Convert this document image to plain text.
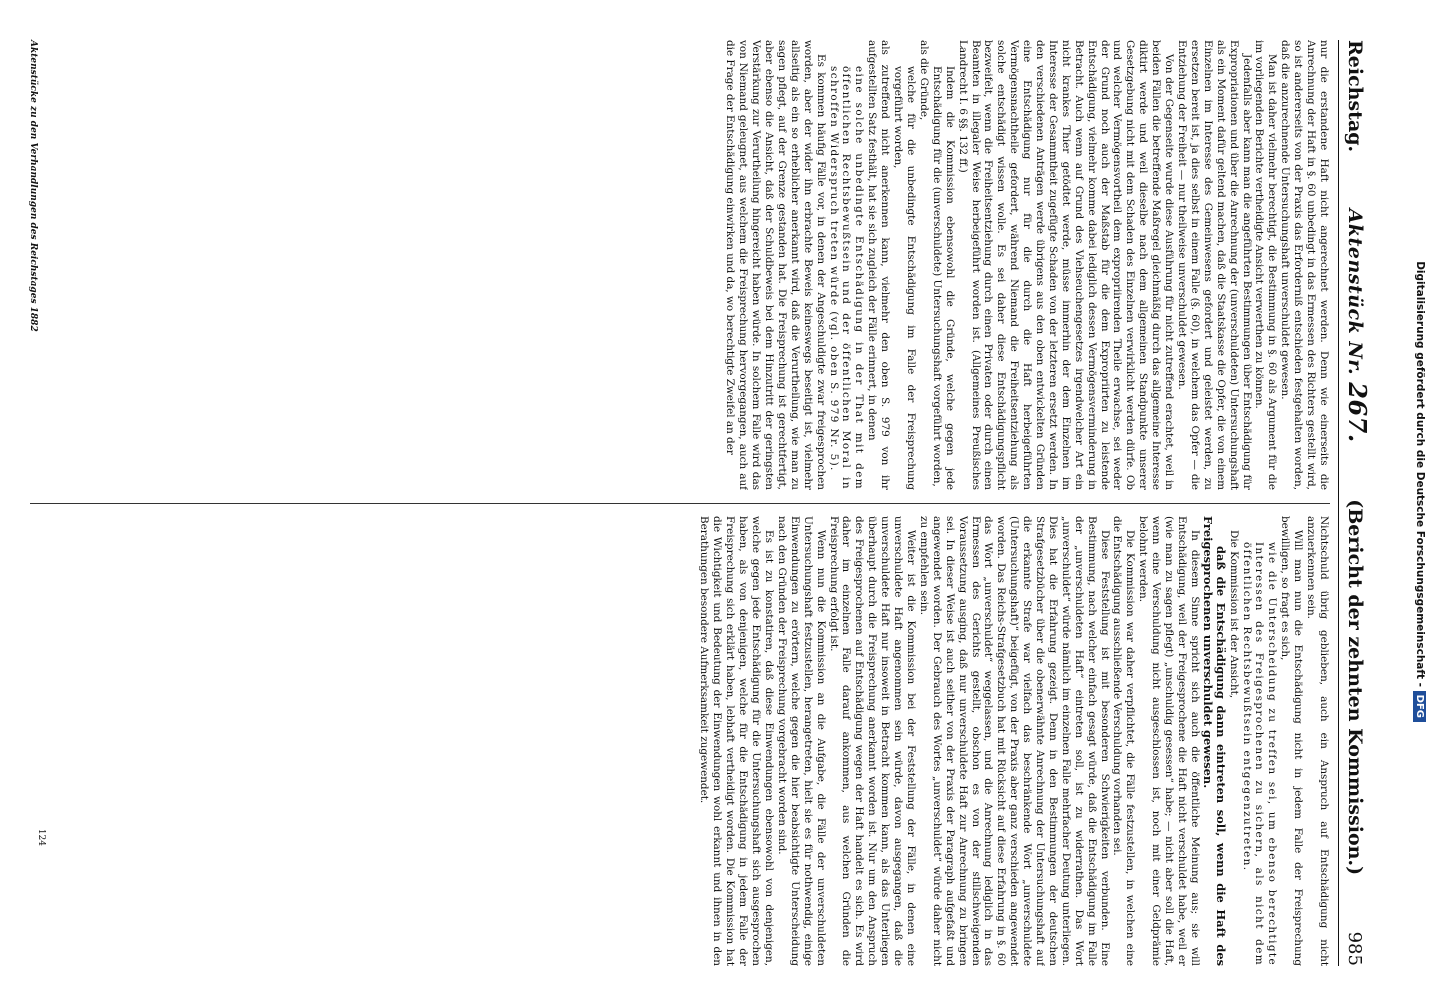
Reichstag.
Aktenstück Nr. 267.
(Bericht der zehnten Kommission.)
985

nur die erstandene Haft nicht angerechnet werden. Denn wie einerseits die Anrechnung der Haft in §. 60 unbedingt in das Ermessen des Richters gestellt wird, so ist andererseits von der Praxis das Erforderniß entschieden festgehalten worden, daß die anzurechnende Untersuchungshaft unverschuldet gewesen.

Man ist daher vielmehr berechtigt, die Bestimmung in §. 60 als Argument für die im vorliegenden Berichte vertheidigte Ansicht verwerthen zu können.

Jedenfalls aber kann man die angeführten Bestimmungen über Entschädigung für Expropriationen und über die Anrechnung der (unverschuldeten) Untersuchungshaft als ein Moment dafür geltend machen, daß die Staatskasse die Opfer, die von einem Einzelnen im Interesse des Gemeinwesens gefordert und geleistet werden, zu ersetzen bereit ist, ja dies selbst in einem Falle (§. 60), in welchem das Opfer — die Entziehung der Freiheit — nur theilweise unverschuldet gewesen.

Von der Gegenseite wurde diese Ausführung für nicht zutreffend erachtet, weil in beiden Fällen die betreffende Maßregel gleichmäßig durch das allgemeine Interesse diktirt werde und weil dieselbe nach dem allgemeinen Standpunkte unserer Gesetzgebung nicht mit dem Schaden des Einzelnen verwirklicht werden dürfe. Ob und welcher Vermögensvortheil dem expropriirenden Theile erwachse, sei weder der Grund noch auch der Maßstab für die dem Expropriirten zu leistende Entschädigung, vielmehr komme dabei lediglich dessen Vermögensverminderung in Betracht. Auch wenn auf Grund des Viehseuchengesetzes irgendwelcher Art ein nicht krankes Thier getödtet werde, müsse immerhin der dem Einzelnen im Interesse der Gesammtheit zugefügte Schaden von der letzteren ersetzt werden. In den verschiedenen Anträgen werde übrigens aus den oben entwickelten Gründen eine Entschädigung nur für die durch die Haft herbeigeführten Vermögensnachtheile gefordert, während Niemand die Freiheitsentziehung als solche entschädigt wissen wolle. Es sei daher diese Entschädigungspflicht bezweifelt, wenn die Freiheitsentziehung durch einen Privaten oder durch einen Beamten in illegaler Weise herbeigeführt worden ist. (Allgemeines Preußisches Landrecht I. 6 §§. 132 ff.)

Indem die Kommission ebensowohl die Gründe, welche gegen jede Entschädigung für die (unverschuldete) Untersuchungshaft vorgeführt worden,

als die Gründe,

welche für die unbedingte Entschädigung im Falle der Freisprechung vorgeführt worden,

als zutreffend nicht anerkennen kann, vielmehr den oben S. 979 von ihr aufgestellten Satz festhält, hat sie sich zugleich der Fälle erinnert, in denen

eine solche unbedingte Entschädigung in der That mit dem öffentlichen Rechtsbewußtsein und der öffentlichen Moral in schroffen Widerspruch treten würde (vgl. oben S. 979 Nr. 5).

Es kommen häufig Fälle vor, in denen der Angeschuldigte zwar freigesprochen worden, aber der wider ihn erbrachte Beweis keineswegs beseitigt ist, vielmehr allseitig als ein so erheblicher anerkannt wird, daß die Verurtheilung, wie man zu sagen pflegt, auf der Grenze gestanden hat. Die Freisprechung ist gerechtfertigt, aber ebenso die Ansicht, daß der Schuldbeweis bei dem Hinzutritt der geringsten Verstärkung zur Verurtheilung hingereicht haben würde. In solchem Falle wird das von Niemand geleugnet, aus welchem die Freisprechung hervorgegangen, auch auf die Frage der Entschädigung einwirken und da, wo berechtigte Zweifel an der

Nichtschuld übrig geblieben, auch ein Anspruch auf Entschädigung nicht anzuerkennen sein.

Will man nun die Entschädigung nicht in jedem Falle der Freisprechung bewilligen, so fragt es sich,

wie die Unterscheidung zu treffen sei, um ebenso berechtigte Interessen des Freigesprochenen zu sichern, als nicht dem öffentlichen Rechtsbewußtsein entgegenzutreten.

Die Kommission ist der Ansicht,

daß die Entschädigung dann eintreten soll, wenn die Haft des Freigesprochenen unverschuldet gewesen.

In diesem Sinne spricht sich auch die öffentliche Meinung aus; sie will Entschädigung, weil der Freigesprochene die Haft nicht verschuldet habe, weil er (wie man zu sagen pflegt) „unschuldig gesessen“ habe; — nicht aber soll die Haft, wenn eine Verschuldung nicht ausgeschlossen ist, noch mit einer Geldprämie belohnt werden.

Die Kommission war daher verpflichtet, die Fälle festzustellen, in welchen eine die Entschädigung ausschließende Verschuldung vorhanden sei.

Diese Feststellung ist mit besonderen Schwierigkeiten verbunden. Eine Bestimmung, nach welcher einfach gesagt würde, daß die Entschädigung im Falle der „unverschuldeten Haft“ eintreten soll, ist zu widerrathen. Das Wort „unverschuldet“ würde nämlich im einzelnen Falle mehrfacher Deutung unterliegen. Dies hat die Erfahrung gezeigt. Denn in den Bestimmungen der deutschen Strafgesetzbücher über die obenerwähnte Anrechnung der Untersuchungshaft auf die erkannte Strafe war vielfach das beschränkende Wort „unverschuldete (Untersuchungshaft)“ beigefügt, von der Praxis aber ganz verschieden angewendet worden. Das Reichs-Strafgesetzbuch hat mit Rücksicht auf diese Erfahrung in §. 60 das Wort „unverschuldet“ weggelassen, und die Anrechnung lediglich in das Ermessen des Gerichts gestellt, obschon es von der stillschweigenden Voraussetzung ausging, daß nur unverschuldete Haft zur Anrechnung zu bringen sei. In dieser Weise ist auch seither von der Praxis der Paragraph aufgefaßt und angewendet worden. Der Gebrauch des Wortes „unverschuldet“ würde daher nicht zu empfehlen sein.

Weiter ist die Kommission bei der Feststellung der Fälle, in denen eine unverschuldete Haft angenommen sein würde, davon ausgegangen, daß die unverschuldete Haft nur insoweit in Betracht kommen kann, als das Unterliegen überhaupt durch die Freisprechung anerkannt worden ist. Nur um den Anspruch des Freigesprochenen auf Entschädigung wegen der Haft handelt es sich. Es wird daher im einzelnen Falle darauf ankommen, aus welchen Gründen die Freisprechung erfolgt ist.

Wenn nun die Kommission an die Aufgabe, die Fälle der unverschuldeten Untersuchungshaft festzustellen, herangetreten, hielt sie es für nothwendig, einige Einwendungen zu erörtern, welche gegen die hier beabsichtigte Unterscheidung nach den Gründen der Freisprechung vorgebracht worden sind.

Es ist zu konstatiren, daß diese Einwendungen ebensowohl von denjenigen, welche gegen jede Entschädigung für die Untersuchungshaft sich ausgesprochen haben, als von denjenigen, welche für die Entschädigung in jedem Falle der Freisprechung sich erklärt haben, lebhaft vertheidigt worden. Die Kommission hat die Wichtigkeit und Bedeutung der Einwendungen wohl erkannt und ihnen in den Berathungen besondere Aufmerksamkeit zugewendet.

Aktenstücke zu den Verhandlungen des Reichstages 1882
124
Digitalisierung gefördert durch die Deutsche Forschungsgemeinschaft - DFG
